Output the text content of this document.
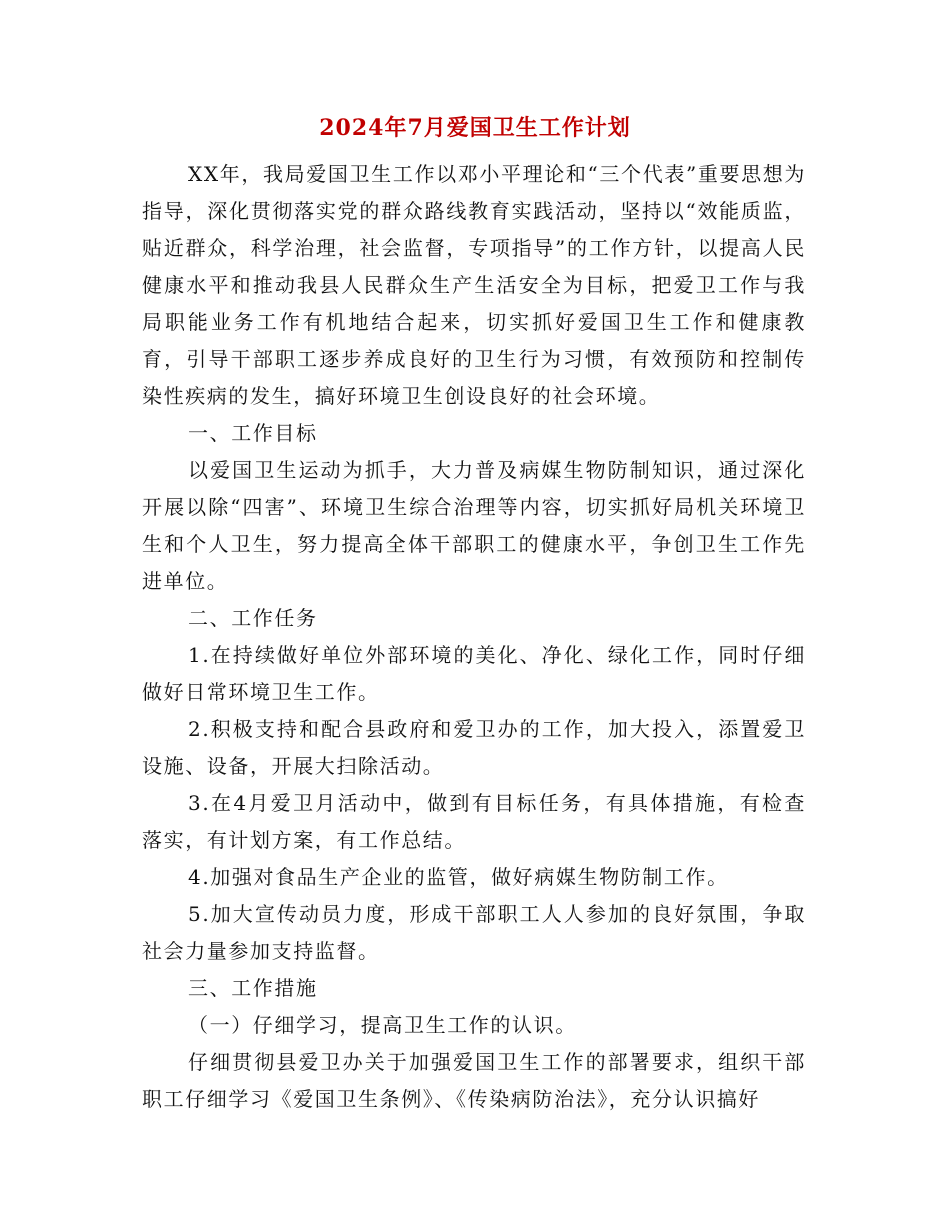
2024年7月爱国卫生工作计划

XX年，我局爱国卫生工作以邓小平理论和“三个代表”重要思想为指导，深化贯彻落实党的群众路线教育实践活动，坚持以“效能质监，贴近群众，科学治理，社会监督，专项指导”的工作方针，以提高人民健康水平和推动我县人民群众生产生活安全为目标，把爱卫工作与我局职能业务工作有机地结合起来，切实抓好爱国卫生工作和健康教育，引导干部职工逐步养成良好的卫生行为习惯，有效预防和控制传染性疾病的发生，搞好环境卫生创设良好的社会环境。

一、工作目标

以爱国卫生运动为抓手，大力普及病媒生物防制知识，通过深化开展以除“四害”、环境卫生综合治理等内容，切实抓好局机关环境卫生和个人卫生，努力提高全体干部职工的健康水平，争创卫生工作先进单位。

二、工作任务

1.在持续做好单位外部环境的美化、净化、绿化工作，同时仔细做好日常环境卫生工作。

2.积极支持和配合县政府和爱卫办的工作，加大投入，添置爱卫设施、设备，开展大扫除活动。

3.在4月爱卫月活动中，做到有目标任务，有具体措施，有检查落实，有计划方案，有工作总结。

4.加强对食品生产企业的监管，做好病媒生物防制工作。

5.加大宣传动员力度，形成干部职工人人参加的良好氛围，争取社会力量参加支持监督。

三、工作措施

（一）仔细学习，提高卫生工作的认识。

仔细贯彻县爱卫办关于加强爱国卫生工作的部署要求，组织干部职工仔细学习《爱国卫生条例》、《传染病防治法》，充分认识搞好
